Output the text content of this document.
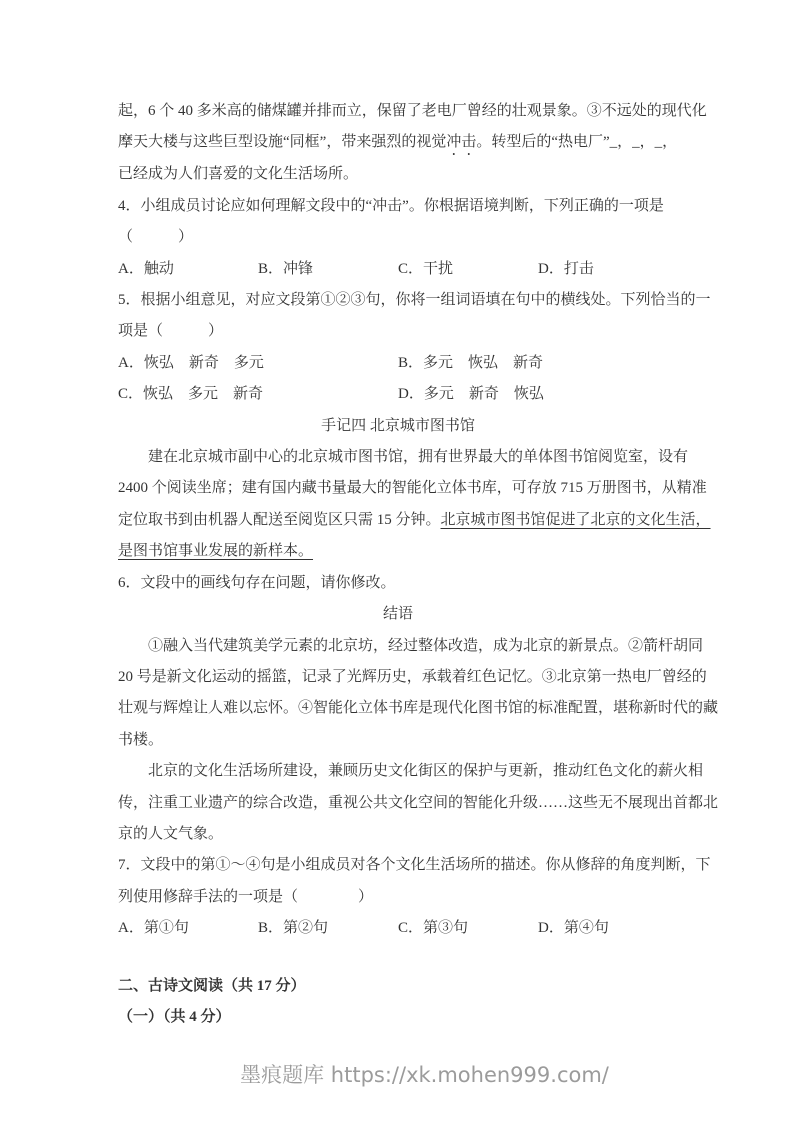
起，6 个 40 多米高的储煤罐并排而立，保留了老电厂曾经的壮观景象。③不远处的现代化
摩天大楼与这些巨型设施“同框”，带来强烈的视觉冲击。转型后的“热电厂”_，_，_，
已经成为人们喜爱的文化生活场所。
4．小组成员讨论应如何理解文段中的“冲击”。你根据语境判断，下列正确的一项是
（　　　）
A．触动	B．冲锋	C．干扰	D．打击
5．根据小组意见，对应文段第①②③句，你将一组词语填在句中的横线处。下列恰当的一
项是（　　　）
A．恢弘　新奇　多元	B．多元　恢弘　新奇
C．恢弘　多元　新奇	D．多元　新奇　恢弘
手记四 北京城市图书馆
建在北京城市副中心的北京城市图书馆，拥有世界最大的单体图书馆阅览室，设有
2400 个阅读坐席；建有国内藏书量最大的智能化立体书库，可存放 715 万册图书，从精准
定位取书到由机器人配送至阅览区只需 15 分钟。北京城市图书馆促进了北京的文化生活，
是图书馆事业发展的新样本。
6．文段中的画线句存在问题，请你修改。
结语
①融入当代建筑美学元素的北京坊，经过整体改造，成为北京的新景点。②箭杆胡同
20 号是新文化运动的摇篮，记录了光辉历史，承载着红色记忆。③北京第一热电厂曾经的
壮观与辉煌让人难以忘怀。④智能化立体书库是现代化图书馆的标准配置，堪称新时代的藏
书楼。
北京的文化生活场所建设，兼顾历史文化街区的保护与更新，推动红色文化的薪火相
传，注重工业遗产的综合改造，重视公共文化空间的智能化升级……这些无不展现出首都北
京的人文气象。
7．文段中的第①～④句是小组成员对各个文化生活场所的描述。你从修辞的角度判断，下
列使用修辞手法的一项是（　　　　）
A．第①句	B．第②句	C．第③句	D．第④句
二、古诗文阅读（共 17 分）
（一）（共 4 分）
墨痕题库 https://xk.mohen999.com/
